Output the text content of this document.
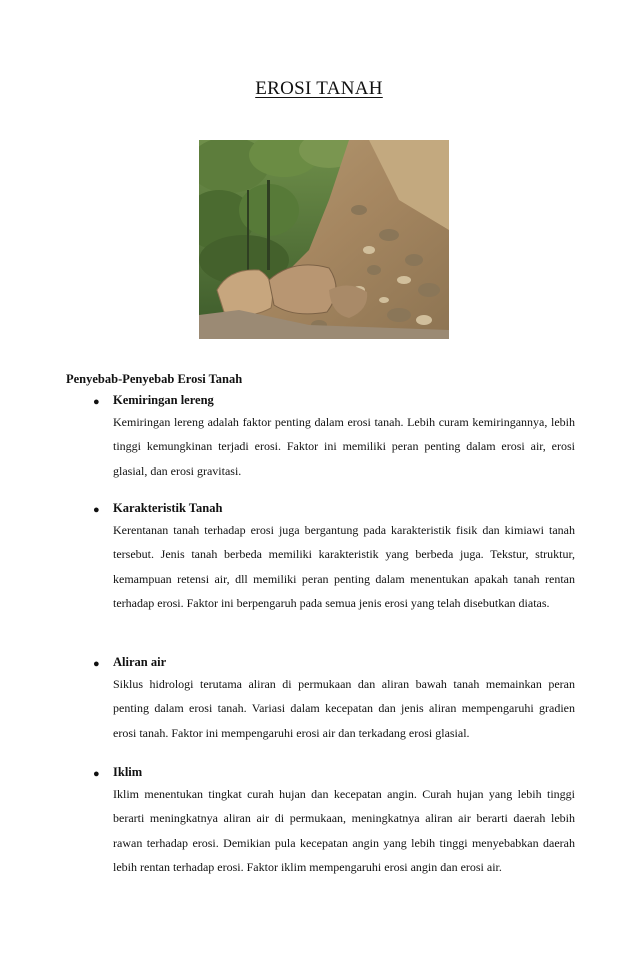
EROSI TANAH
Penyebab-Penyebab Erosi Tanah
● Kemiringan lereng
Kemiringan lereng adalah faktor penting dalam erosi tanah. Lebih curam kemiringannya, lebih tinggi kemungkinan terjadi erosi. Faktor ini memiliki peran penting dalam erosi air, erosi glasial, dan erosi gravitasi.
● Karakteristik Tanah
Kerentanan tanah terhadap erosi juga bergantung pada karakteristik fisik dan kimiawi tanah tersebut. Jenis tanah berbeda memiliki karakteristik yang berbeda juga. Tekstur, struktur, kemampuan retensi air, dll memiliki peran penting dalam menentukan apakah tanah rentan terhadap erosi. Faktor ini berpengaruh pada semua jenis erosi yang telah disebutkan diatas.
● Aliran air
Siklus hidrologi terutama aliran di permukaan dan aliran bawah tanah memainkan peran penting dalam erosi tanah. Variasi dalam kecepatan dan jenis aliran mempengaruhi gradien erosi tanah. Faktor ini mempengaruhi erosi air dan terkadang erosi glasial.
● Iklim
Iklim menentukan tingkat curah hujan dan kecepatan angin. Curah hujan yang lebih tinggi berarti meningkatnya aliran air di permukaan, meningkatnya aliran air berarti daerah lebih rawan terhadap erosi. Demikian pula kecepatan angin yang lebih tinggi menyebabkan daerah lebih rentan terhadap erosi. Faktor iklim mempengaruhi erosi angin dan erosi air.
